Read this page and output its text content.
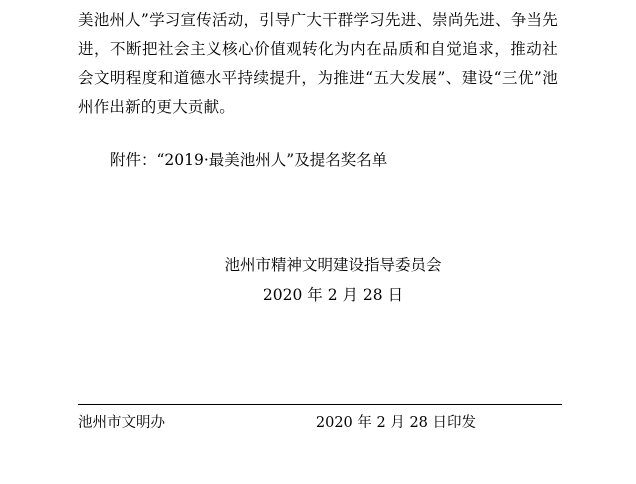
美池州人”学习宣传活动，引导广大干群学习先进、崇尚先进、争当先进，不断把社会主义核心价值观转化为内在品质和自觉追求，推动社会文明程度和道德水平持续提升，为推进“五大发展”、建设“三优”池州作出新的更大贡献。

附件：“2019·最美池州人”及提名奖名单

池州市精神文明建设指导委员会
2020 年 2 月 28 日
池州市文明办	2020 年 2 月 28 日印发
